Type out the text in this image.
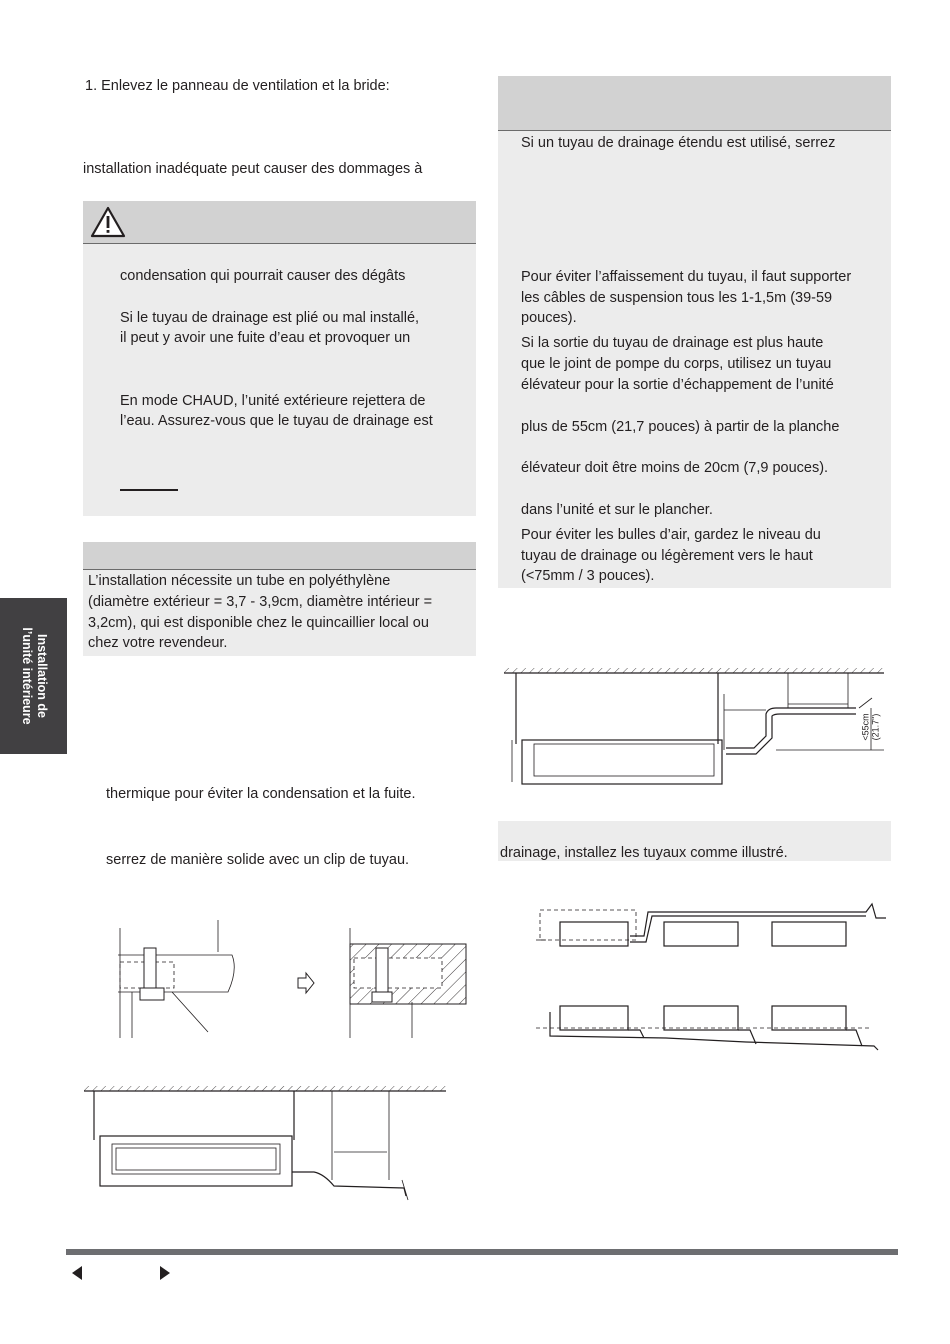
1. Enlevez le panneau de ventilation et la bride:
installation inadéquate peut causer des dommages à
condensation qui pourrait causer des dégâts
Si le tuyau de drainage est plié ou mal installé,
il peut y avoir une fuite d’eau et provoquer un
En mode CHAUD, l’unité extérieure rejettera de
l’eau. Assurez-vous que le tuyau de drainage est
L’installation nécessite un tube en polyéthylène
(diamètre extérieur = 3,7 - 3,9cm, diamètre intérieur =
3,2cm), qui est disponible chez le quincaillier local ou
chez votre revendeur.
thermique pour éviter la condensation et la fuite.
serrez de manière solide avec un clip de tuyau.
Si un tuyau de drainage étendu est utilisé, serrez
Pour éviter l’affaissement du tuyau, il faut supporter
les câbles de suspension tous les 1-1,5m (39-59
pouces).
Si la sortie du tuyau de drainage est plus haute
que le joint de pompe du corps, utilisez un tuyau
élévateur pour la sortie d’échappement de l’unité
plus de 55cm (21,7 pouces) à partir de la planche
élévateur doit être moins de 20cm (7,9 pouces).
dans l’unité et sur le plancher.
Pour éviter les bulles d’air, gardez le niveau du
tuyau de drainage ou légèrement vers le haut
(<75mm / 3 pouces).
<55cm (21.7")
drainage, installez les tuyaux comme illustré.
Installation de
l’unité intérieure
